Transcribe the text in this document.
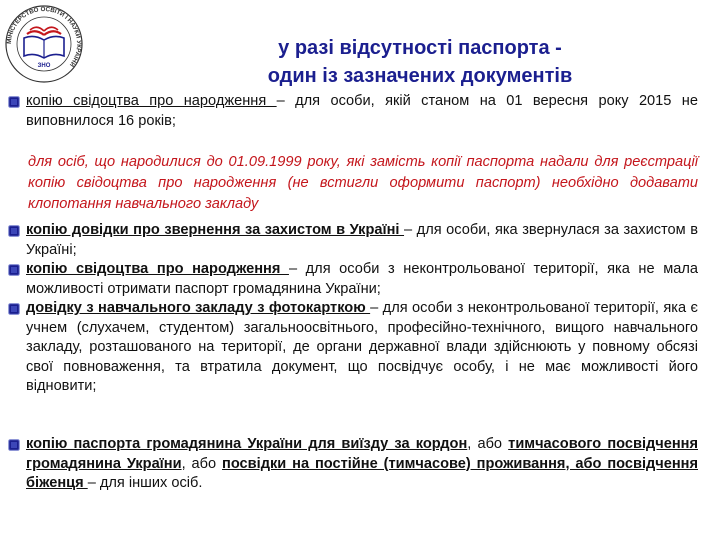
МІНІСТЕРСТВО ОСВІТИ І НАУКИ УКРАЇНИ
ЗНО
у разі відсутності паспорта -
один із зазначених документів
копію свідоцтва про народження – для особи, якій станом на 01 вересня року 2015 не виповнилося 16 років;
для осіб, що народилися до 01.09.1999 року, які замість копії паспорта надали для реєстрації копію свідоцтва про народження (не встигли оформити паспорт) необхідно додавати клопотання навчального закладу
копію довідки про звернення за захистом в Україні – для особи, яка звернулася за захистом в Україні;
копію свідоцтва про народження – для особи з неконтрольованої території, яка не мала можливості отримати паспорт громадянина України;
довідку з навчального закладу з фотокарткою – для особи з неконтрольованої території, яка є учнем (слухачем, студентом) загальноосвітнього, професійно-технічного, вищого навчального закладу, розташованого на території, де органи державної влади здійснюють у повному обсязі свої повноваження, та втратила документ, що посвідчує особу, і не має можливості його відновити;
копію паспорта громадянина України для виїзду за кордон, або тимчасового посвідчення громадянина України, або посвідки на постійне (тимчасове) проживання, або посвідчення біженця – для інших осіб.
